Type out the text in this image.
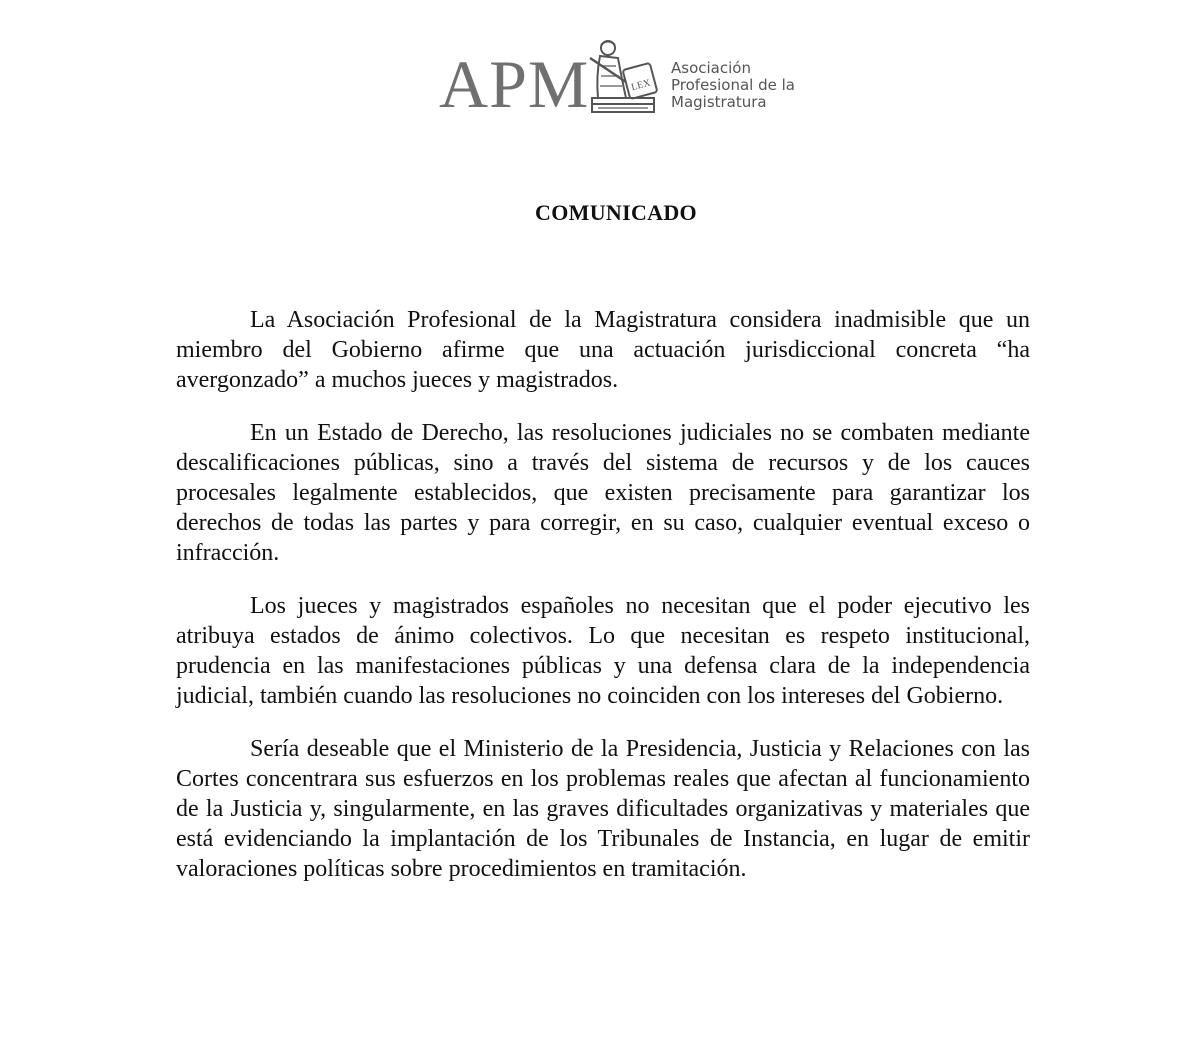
APM	LEX
Asociación
Profesional de la
Magistratura
COMUNICADO

La Asociación Profesional de la Magistratura considera inadmisible que un miembro del Gobierno afirme que una actuación jurisdiccional concreta “ha avergonzado” a muchos jueces y magistrados.

En un Estado de Derecho, las resoluciones judiciales no se combaten mediante descalificaciones públicas, sino a través del sistema de recursos y de los cauces procesales legalmente establecidos, que existen precisamente para garantizar los derechos de todas las partes y para corregir, en su caso, cualquier eventual exceso o infracción.

Los jueces y magistrados españoles no necesitan que el poder ejecutivo les atribuya estados de ánimo colectivos. Lo que necesitan es respeto institucional, prudencia en las manifestaciones públicas y una defensa clara de la independencia judicial, también cuando las resoluciones no coinciden con los intereses del Gobierno.

Sería deseable que el Ministerio de la Presidencia, Justicia y Relaciones con las Cortes concentrara sus esfuerzos en los problemas reales que afectan al funcionamiento de la Justicia y, singularmente, en las graves dificultades organizativas y materiales que está evidenciando la implantación de los Tribunales de Instancia, en lugar de emitir valoraciones políticas sobre procedimientos en tramitación.
